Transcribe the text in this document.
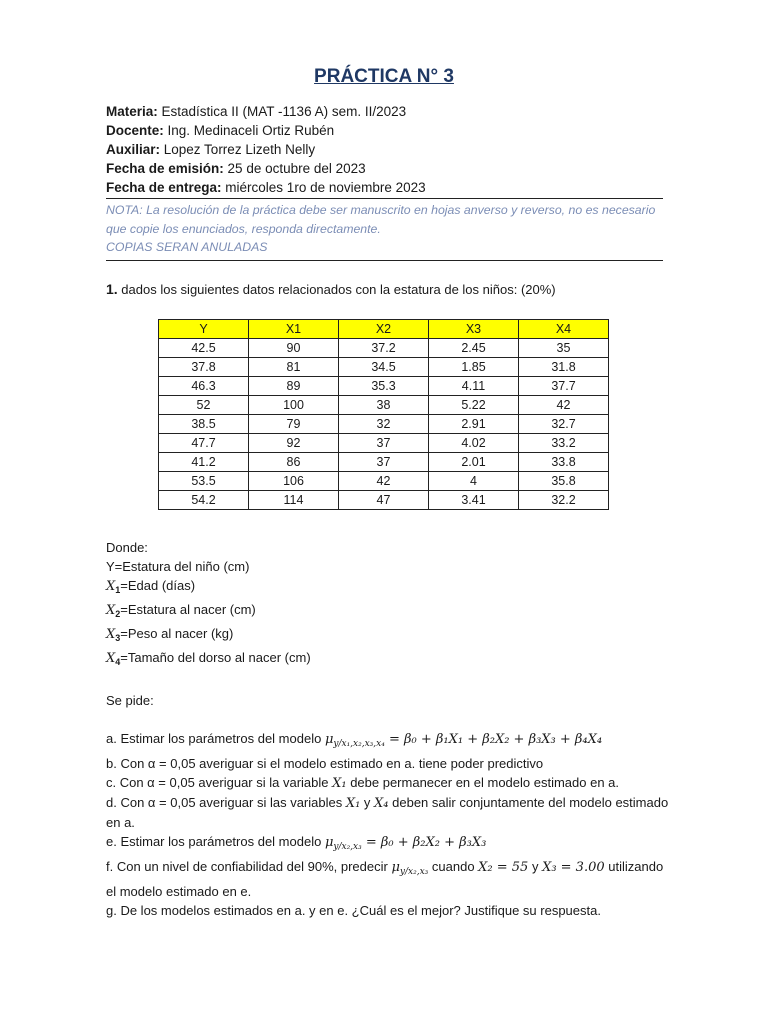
PRÁCTICA N° 3
Materia: Estadística II (MAT -1136 A) sem. II/2023
Docente: Ing. Medinaceli Ortiz Rubén
Auxiliar: Lopez Torrez Lizeth Nelly
Fecha de emisión: 25 de octubre del 2023
Fecha de entrega: miércoles 1ro de noviembre 2023
NOTA: La resolución de la práctica debe ser manuscrito en hojas anverso y reverso, no es necesario
que copie los enunciados, responda directamente.
COPIAS SERAN ANULADAS
1. dados los siguientes datos relacionados con la estatura de los niños: (20%)
Y	X1	X2	X3	X4
42.5	90	37.2	2.45	35
37.8	81	34.5	1.85	31.8
46.3	89	35.3	4.11	37.7
52	100	38	5.22	42
38.5	79	32	2.91	32.7
47.7	92	37	4.02	33.2
41.2	86	37	2.01	33.8
53.5	106	42	4	35.8
54.2	114	47	3.41	32.2
Donde:
Y=Estatura del niño (cm)
$X_1=Edad$ (días)
$X_2=Estatura$ al nacer (cm)
$X_3=Peso$ al nacer (kg)
$X_4=Tamaño$ del dorso al nacer (cm)
Se pide:
a. Estimar los parámetros del modelo $\mu_{y/x_1,x_2,x_3,x_4} = \beta_0 + \beta_1X_1 + \beta_2X_2 + \beta_3X_3 + \beta_4X_4$
b. Con α = 0,05 averiguar si el modelo estimado en a. tiene poder predictivo
c. Con α = 0,05 averiguar si la variable X₁ debe permanecer en el modelo estimado en a.
d. Con α = 0,05 averiguar si las variables X₁ y X₄ deben salir conjuntamente del modelo estimado
en a.
e. Estimar los parámetros del modelo $\mu_{y/x_2,x_3} = \beta_0 + \beta_2X_2 + \beta_3X_3$
f. Con un nivel de confiabilidad del 90%, predecir $\mu_{y/x_2,x_3}$ cuando X₂ = 55 y X₃ = 3.00 utilizando
el modelo estimado en e.
g. De los modelos estimados en a. y en e. ¿Cuál es el mejor? Justifique su respuesta.
